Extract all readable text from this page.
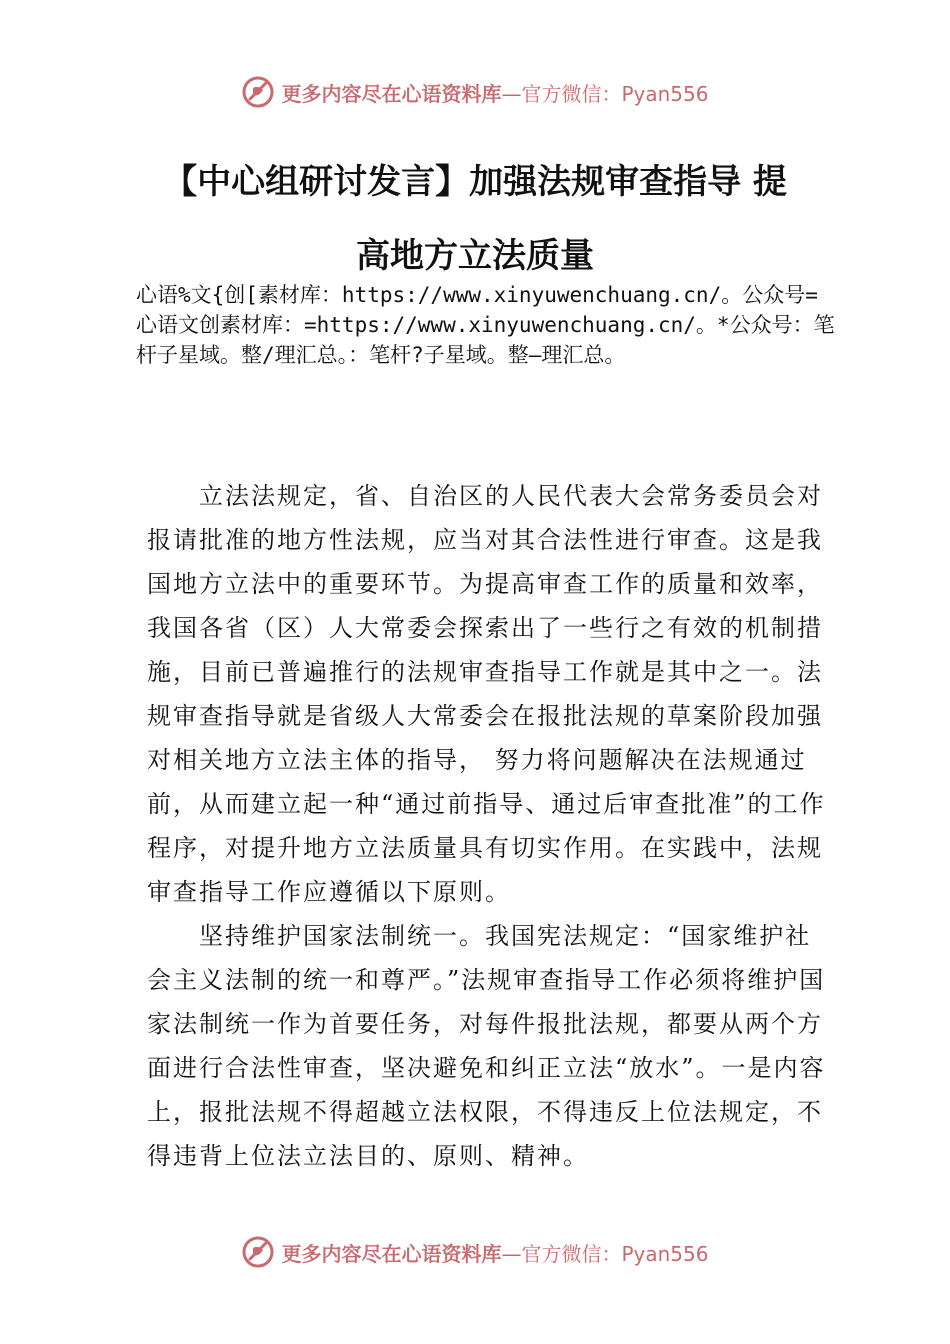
更多内容尽在心语资料库—官方微信：Pyan556
【中心组研讨发言】加强法规审查指导 提
高地方立法质量
心语%文{创[素材库：https://www.xinyuwenchuang.cn/。公众号=心语文创素材库：=https://www.xinyuwenchuang.cn/。*公众号：笔杆子星域。整/理汇总。：笔杆?子星域。整—理汇总。

立法法规定，省、自治区的人民代表大会常务委员会对报请批准的地方性法规，应当对其合法性进行审查。这是我国地方立法中的重要环节。为提高审查工作的质量和效率，我国各省（区）人大常委会探索出了一些行之有效的机制措施，目前已普遍推行的法规审查指导工作就是其中之一。法规审查指导就是省级人大常委会在报批法规的草案阶段加强对相关地方立法主体的指导， 努力将问题解决在法规通过前，从而建立起一种“通过前指导、通过后审查批准”的工作程序，对提升地方立法质量具有切实作用。在实践中，法规审查指导工作应遵循以下原则。

坚持维护国家法制统一。我国宪法规定：“国家维护社会主义法制的统一和尊严。”法规审查指导工作必须将维护国家法制统一作为首要任务，对每件报批法规，都要从两个方面进行合法性审查，坚决避免和纠正立法“放水”。一是内容上，报批法规不得超越立法权限，不得违反上位法规定，不得违背上位法立法目的、原则、精神。

更多内容尽在心语资料库—官方微信：Pyan556
